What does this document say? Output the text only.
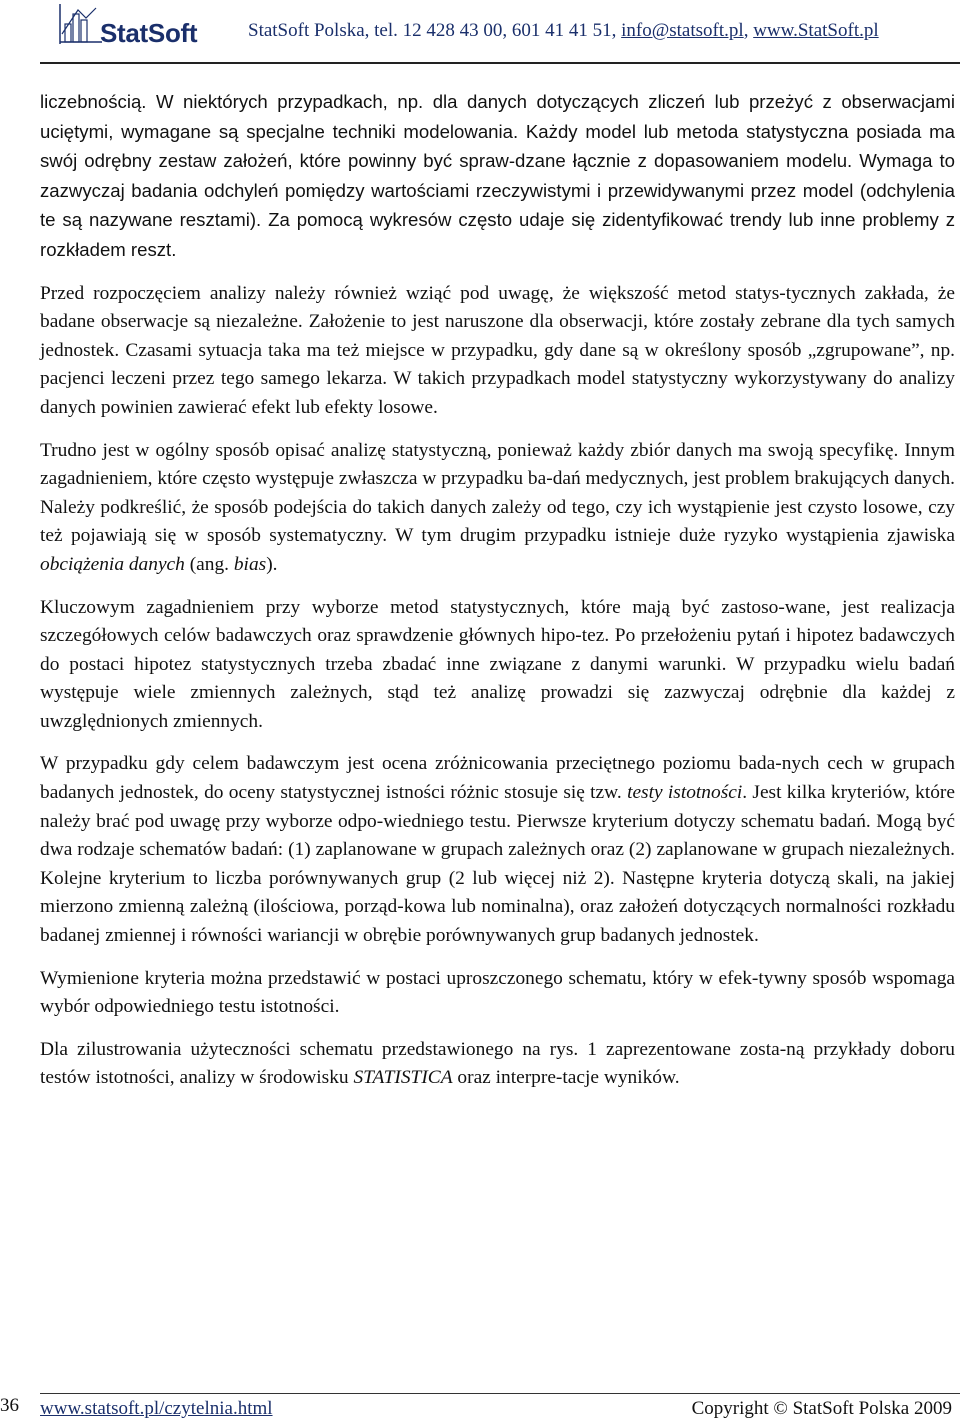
StatSoft	StatSoft Polska, tel. 12 428 43 00, 601 41 41 51, info@statsoft.pl, www.StatSoft.pl

liczebnością. W niektórych przypadkach, np. dla danych dotyczących zliczeń lub przeżyć z obserwacjami uciętymi, wymagane są specjalne techniki modelowania. Każdy model lub metoda statystyczna posiada ma swój odrębny zestaw założeń, które powinny być spraw-dzane łącznie z dopasowaniem modelu. Wymaga to zazwyczaj badania odchyleń pomiędzy wartościami rzeczywistymi i przewidywanymi przez model (odchylenia te są nazywane resztami). Za pomocą wykresów często udaje się zidentyfikować trendy lub inne problemy z rozkładem reszt.

Przed rozpoczęciem analizy należy również wziąć pod uwagę, że większość metod statys-tycznych zakłada, że badane obserwacje są niezależne. Założenie to jest naruszone dla obserwacji, które zostały zebrane dla tych samych jednostek. Czasami sytuacja taka ma też miejsce w przypadku, gdy dane są w określony sposób „zgrupowane”, np. pacjenci leczeni przez tego samego lekarza. W takich przypadkach model statystyczny wykorzystywany do analizy danych powinien zawierać efekt lub efekty losowe.

Trudno jest w ogólny sposób opisać analizę statystyczną, ponieważ każdy zbiór danych ma swoją specyfikę. Innym zagadnieniem, które często występuje zwłaszcza w przypadku ba-dań medycznych, jest problem brakujących danych. Należy podkreślić, że sposób podejścia do takich danych zależy od tego, czy ich wystąpienie jest czysto losowe, czy też pojawiają się w sposób systematyczny. W tym drugim przypadku istnieje duże ryzyko wystąpienia zjawiska obciążenia danych (ang. bias).

Kluczowym zagadnieniem przy wyborze metod statystycznych, które mają być zastoso-wane, jest realizacja szczegółowych celów badawczych oraz sprawdzenie głównych hipo-tez. Po przełożeniu pytań i hipotez badawczych do postaci hipotez statystycznych trzeba zbadać inne związane z danymi warunki. W przypadku wielu badań występuje wiele zmiennych zależnych, stąd też analizę prowadzi się zazwyczaj odrębnie dla każdej z uwzględnionych zmiennych.

W przypadku gdy celem badawczym jest ocena zróżnicowania przeciętnego poziomu bada-nych cech w grupach badanych jednostek, do oceny statystycznej istności różnic stosuje się tzw. testy istotności. Jest kilka kryteriów, które należy brać pod uwagę przy wyborze odpo-wiedniego testu. Pierwsze kryterium dotyczy schematu badań. Mogą być dwa rodzaje schematów badań: (1) zaplanowane w grupach zależnych oraz (2) zaplanowane w grupach niezależnych. Kolejne kryterium to liczba porównywanych grup (2 lub więcej niż 2). Następne kryteria dotyczą skali, na jakiej mierzono zmienną zależną (ilościowa, porząd-kowa lub nominalna), oraz założeń dotyczących normalności rozkładu badanej zmiennej i równości wariancji w obrębie porównywanych grup badanych jednostek.

Wymienione kryteria można przedstawić w postaci uproszczonego schematu, który w efek-tywny sposób wspomaga wybór odpowiedniego testu istotności.

Dla zilustrowania użyteczności schematu przedstawionego na rys. 1 zaprezentowane zosta-ną przykłady doboru testów istotności, analizy w środowisku STATISTICA oraz interpre-tacje wyników.

36 www.statsoft.pl/czytelnia.html	Copyright © StatSoft Polska 2009
